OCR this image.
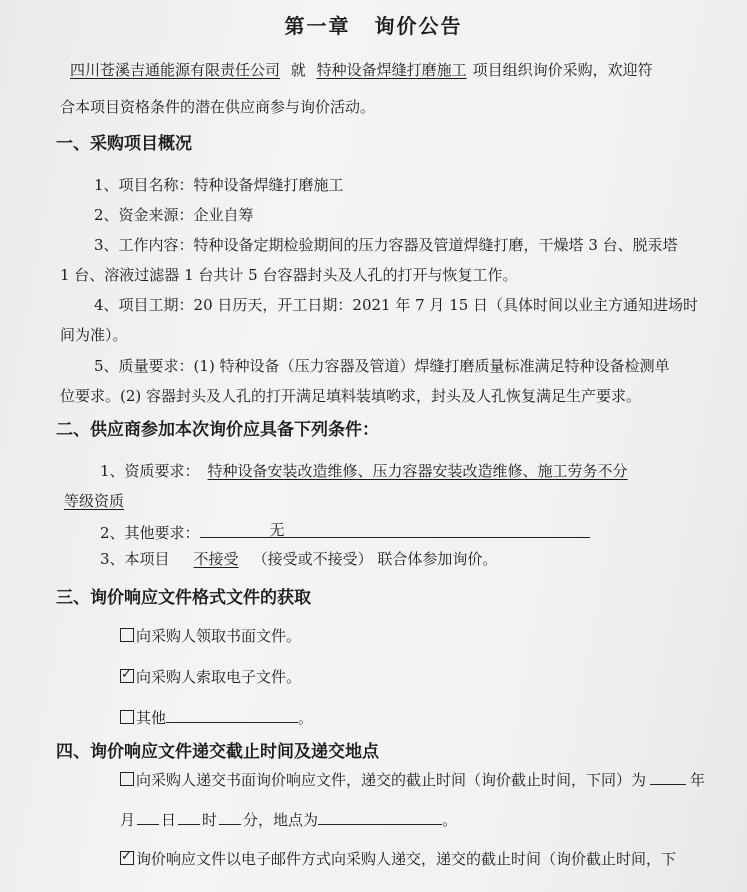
第一章 询价公告
四川苍溪吉通能源有限责任公司 就 特种设备焊缝打磨施工 项目组织询价采购，欢迎符
合本项目资格条件的潜在供应商参与询价活动。
一、采购项目概况
1、项目名称：特种设备焊缝打磨施工
2、资金来源：企业自筹
3、工作内容：特种设备定期检验期间的压力容器及管道焊缝打磨，干燥塔 3 台、脱汞塔
1 台、溶液过滤器 1 台共计 5 台容器封头及人孔的打开与恢复工作。
4、项目工期：20 日历天，开工日期：2021 年 7 月 15 日（具体时间以业主方通知进场时
间为准）。
5、质量要求：(1) 特种设备（压力容器及管道）焊缝打磨质量标准满足特种设备检测单
位要求。(2) 容器封头及人孔的打开满足填料装填哟求，封头及人孔恢复满足生产要求。
二、供应商参加本次询价应具备下列条件：
1、资质要求： 特种设备安装改造维修、压力容器安装改造维修、施工劳务不分
等级资质
2、其他要求：	无
3、本项目 不接受 （接受或不接受） 联合体参加询价。
三、询价响应文件格式文件的获取
向采购人领取书面文件。
✓向采购人索取电子文件。
其他	。
四、询价响应文件递交截止时间及递交地点
向采购人递交书面询价响应文件，递交的截止时间（询价截止时间，下同）为	年
月 日 时 分，地点为	。
✓询价响应文件以电子邮件方式向采购人递交，递交的截止时间（询价截止时间，下
